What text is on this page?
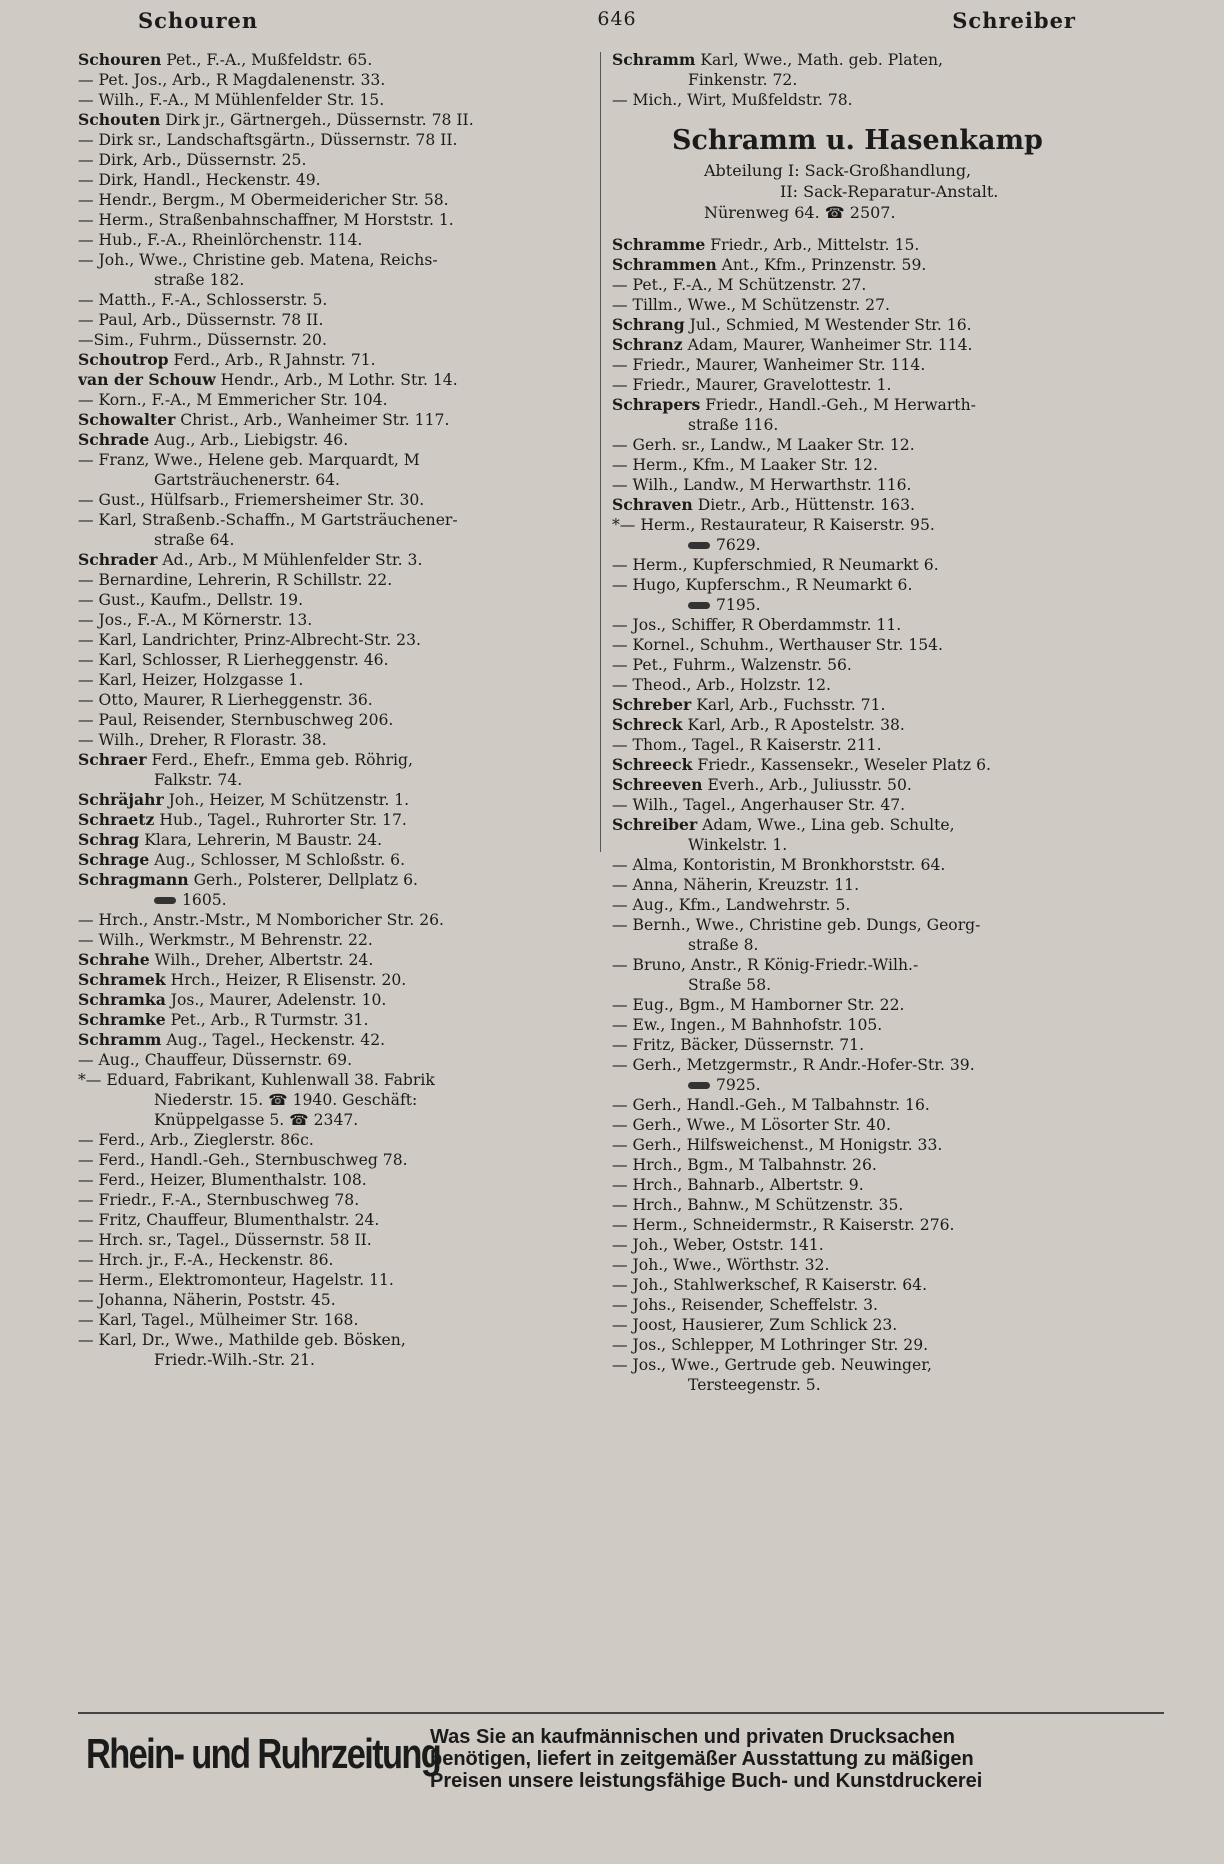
Schouren	646	Schreiber
Schouren Pet., F.-A., Mußfeldstr. 65.
— Pet. Jos., Arb., R Magdalenenstr. 33.
— Wilh., F.-A., M Mühlenfelder Str. 15.
Schouten Dirk jr., Gärtnergeh., Düssernstr. 78 II.
— Dirk sr., Landschaftsgärtn., Düssernstr. 78 II.
— Dirk, Arb., Düssernstr. 25.
— Dirk, Handl., Heckenstr. 49.
— Hendr., Bergm., M Obermeidericher Str. 58.
— Herm., Straßenbahnschaffner, M Horststr. 1.
— Hub., F.-A., Rheinlörchenstr. 114.
— Joh., Wwe., Christine geb. Matena, Reichs-
straße 182.
— Matth., F.-A., Schlosserstr. 5.
— Paul, Arb., Düssernstr. 78 II.
—Sim., Fuhrm., Düssernstr. 20.
Schoutrop Ferd., Arb., R Jahnstr. 71.
van der Schouw Hendr., Arb., M Lothr. Str. 14.
— Korn., F.-A., M Emmericher Str. 104.
Schowalter Christ., Arb., Wanheimer Str. 117.
Schrade Aug., Arb., Liebigstr. 46.
— Franz, Wwe., Helene geb. Marquardt, M
Gartsträuchenerstr. 64.
— Gust., Hülfsarb., Friemersheimer Str. 30.
— Karl, Straßenb.-Schaffn., M Gartsträuchener-
straße 64.
Schrader Ad., Arb., M Mühlenfelder Str. 3.
— Bernardine, Lehrerin, R Schillstr. 22.
— Gust., Kaufm., Dellstr. 19.
— Jos., F.-A., M Körnerstr. 13.
— Karl, Landrichter, Prinz-Albrecht-Str. 23.
— Karl, Schlosser, R Lierheggenstr. 46.
— Karl, Heizer, Holzgasse 1.
— Otto, Maurer, R Lierheggenstr. 36.
— Paul, Reisender, Sternbuschweg 206.
— Wilh., Dreher, R Florastr. 38.
Schraer Ferd., Ehefr., Emma geb. Röhrig,
Falkstr. 74.
Schräjahr Joh., Heizer, M Schützenstr. 1.
Schraetz Hub., Tagel., Ruhrorter Str. 17.
Schrag Klara, Lehrerin, M Baustr. 24.
Schrage Aug., Schlosser, M Schloßstr. 6.
Schragmann Gerh., Polsterer, Dellplatz 6.
1605.
— Hrch., Anstr.-Mstr., M Nomboricher Str. 26.
— Wilh., Werkmstr., M Behrenstr. 22.
Schrahe Wilh., Dreher, Albertstr. 24.
Schramek Hrch., Heizer, R Elisenstr. 20.
Schramka Jos., Maurer, Adelenstr. 10.
Schramke Pet., Arb., R Turmstr. 31.
Schramm Aug., Tagel., Heckenstr. 42.
— Aug., Chauffeur, Düssernstr. 69.
*— Eduard, Fabrikant, Kuhlenwall 38. Fabrik
Niederstr. 15. ☎ 1940. Geschäft:
Knüppelgasse 5. ☎ 2347.
— Ferd., Arb., Zieglerstr. 86c.
— Ferd., Handl.-Geh., Sternbuschweg 78.
— Ferd., Heizer, Blumenthalstr. 108.
— Friedr., F.-A., Sternbuschweg 78.
— Fritz, Chauffeur, Blumenthalstr. 24.
— Hrch. sr., Tagel., Düssernstr. 58 II.
— Hrch. jr., F.-A., Heckenstr. 86.
— Herm., Elektromonteur, Hagelstr. 11.
— Johanna, Näherin, Poststr. 45.
— Karl, Tagel., Mülheimer Str. 168.
— Karl, Dr., Wwe., Mathilde geb. Bösken,
Friedr.-Wilh.-Str. 21.
Schramm Karl, Wwe., Math. geb. Platen,
Finkenstr. 72.
— Mich., Wirt, Mußfeldstr. 78.
Schramm u. Hasenkamp
Abteilung I: Sack-Großhandlung,
II: Sack-Reparatur-Anstalt.
Nürenweg 64. ☎ 2507.
Schramme Friedr., Arb., Mittelstr. 15.
Schrammen Ant., Kfm., Prinzenstr. 59.
— Pet., F.-A., M Schützenstr. 27.
— Tillm., Wwe., M Schützenstr. 27.
Schrang Jul., Schmied, M Westender Str. 16.
Schranz Adam, Maurer, Wanheimer Str. 114.
— Friedr., Maurer, Wanheimer Str. 114.
— Friedr., Maurer, Gravelottestr. 1.
Schrapers Friedr., Handl.-Geh., M Herwarth-
straße 116.
— Gerh. sr., Landw., M Laaker Str. 12.
— Herm., Kfm., M Laaker Str. 12.
— Wilh., Landw., M Herwarthstr. 116.
Schraven Dietr., Arb., Hüttenstr. 163.
*— Herm., Restaurateur, R Kaiserstr. 95.
7629.
— Herm., Kupferschmied, R Neumarkt 6.
— Hugo, Kupferschm., R Neumarkt 6.
7195.
— Jos., Schiffer, R Oberdammstr. 11.
— Kornel., Schuhm., Werthauser Str. 154.
— Pet., Fuhrm., Walzenstr. 56.
— Theod., Arb., Holzstr. 12.
Schreber Karl, Arb., Fuchsstr. 71.
Schreck Karl, Arb., R Apostelstr. 38.
— Thom., Tagel., R Kaiserstr. 211.
Schreeck Friedr., Kassensekr., Weseler Platz 6.
Schreeven Everh., Arb., Juliusstr. 50.
— Wilh., Tagel., Angerhauser Str. 47.
Schreiber Adam, Wwe., Lina geb. Schulte,
Winkelstr. 1.
— Alma, Kontoristin, M Bronkhorststr. 64.
— Anna, Näherin, Kreuzstr. 11.
— Aug., Kfm., Landwehrstr. 5.
— Bernh., Wwe., Christine geb. Dungs, Georg-
straße 8.
— Bruno, Anstr., R König-Friedr.-Wilh.-
Straße 58.
— Eug., Bgm., M Hamborner Str. 22.
— Ew., Ingen., M Bahnhofstr. 105.
— Fritz, Bäcker, Düssernstr. 71.
— Gerh., Metzgermstr., R Andr.-Hofer-Str. 39.
7925.
— Gerh., Handl.-Geh., M Talbahnstr. 16.
— Gerh., Wwe., M Lösorter Str. 40.
— Gerh., Hilfsweichenst., M Honigstr. 33.
— Hrch., Bgm., M Talbahnstr. 26.
— Hrch., Bahnarb., Albertstr. 9.
— Hrch., Bahnw., M Schützenstr. 35.
— Herm., Schneidermstr., R Kaiserstr. 276.
— Joh., Weber, Oststr. 141.
— Joh., Wwe., Wörthstr. 32.
— Joh., Stahlwerkschef, R Kaiserstr. 64.
— Johs., Reisender, Scheffelstr. 3.
— Joost, Hausierer, Zum Schlick 23.
— Jos., Schlepper, M Lothringer Str. 29.
— Jos., Wwe., Gertrude geb. Neuwinger,
Tersteegenstr. 5.
Rhein- und Ruhrzeitung
Was Sie an kaufmännischen und privaten Drucksachen
benötigen, liefert in zeitgemäßer Ausstattung zu mäßigen
Preisen unsere leistungsfähige Buch- und Kunstdruckerei
